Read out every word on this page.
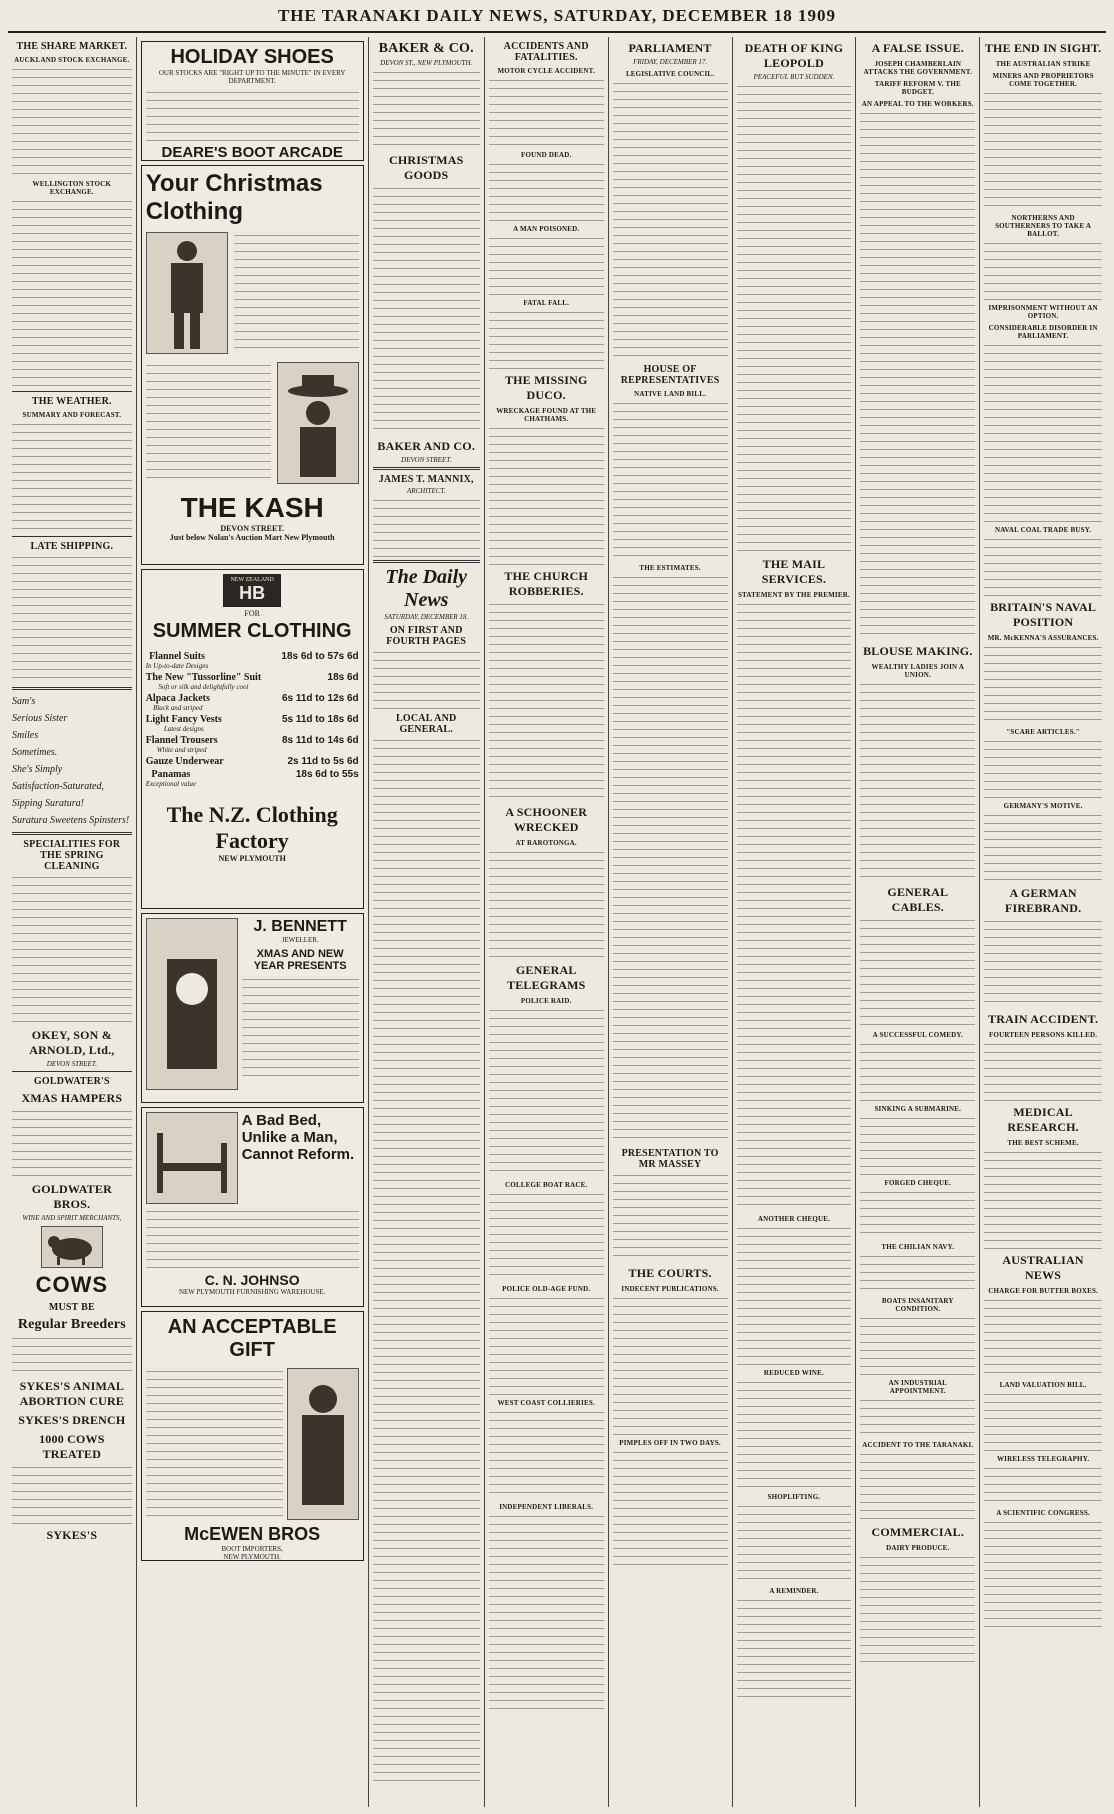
THE TARANAKI DAILY NEWS, SATURDAY, DECEMBER 18 1909
THE SHARE MARKET.
AUCKLAND STOCK EXCHANGE.
WELLINGTON STOCK EXCHANGE.
THE WEATHER.
SUMMARY AND FORECAST.
LATE SHIPPING.
Sam's
Serious Sister
Smiles
Sometimes.
She's Simply
Satisfaction-Saturated,
Sipping Suratura!
Suratura Sweetens Spinsters!
SPECIALITIES FOR THE SPRING CLEANING
OKEY, SON & ARNOLD, Ltd.,
DEVON STREET.
GOLDWATER'S
XMAS HAMPERS
GOLDWATER BROS.
WINE AND SPIRIT MERCHANTS,
COWS
MUST BE
Regular Breeders
SYKES'S ANIMAL ABORTION CURE
SYKES'S DRENCH
1000 COWS TREATED
SYKES'S
HOLIDAY SHOES
OUR STOCKS ARE "RIGHT UP TO THE MINUTE" IN EVERY DEPARTMENT.
DEARE'S BOOT ARCADE
Your Christmas
Clothing
THE KASH
DEVON STREET.
Just below Nolan's Auction Mart New Plymouth
NEW ZEALAND
HB
FOR
SUMMER CLOTHING
Flannel Suits
In Up-to-date Designs
18s 6d to 57s 6d
The New "Tussorline" Suit
Soft or silk and delightfully cool
18s 6d
Alpaca Jackets
Black and striped
6s 11d to 12s 6d
Light Fancy Vests
Latest designs
5s 11d to 18s 6d
Flannel Trousers
White and striped
8s 11d to 14s 6d
Gauze Underwear	2s 11d to 5s 6d
Panamas
Exceptional value
18s 6d to 55s
The N.Z. Clothing Factory
NEW PLYMOUTH
J. BENNETT
JEWELLER.
XMAS AND NEW YEAR PRESENTS
A Bad Bed, Unlike a Man, Cannot Reform.
C. N. JOHNSO
NEW PLYMOUTH FURNISHING WAREHOUSE.
AN ACCEPTABLE GIFT
McEWEN BROS
BOOT IMPORTERS,
NEW PLYMOUTH.
BAKER & CO.
DEVON ST., NEW PLYMOUTH.
CHRISTMAS GOODS
BAKER AND CO.
DEVON STREET.
JAMES T. MANNIX,
ARCHITECT.
The Daily News
SATURDAY, DECEMBER 18.
ON FIRST AND FOURTH PAGES
LOCAL AND GENERAL.
ACCIDENTS AND FATALITIES.
MOTOR CYCLE ACCIDENT.
FOUND DEAD.
A MAN POISONED.
FATAL FALL.
THE MISSING DUCO.
WRECKAGE FOUND AT THE CHATHAMS.
THE CHURCH ROBBERIES.
A SCHOONER WRECKED
AT RAROTONGA.
GENERAL TELEGRAMS
POLICE RAID.
COLLEGE BOAT RACE.
POLICE OLD-AGE FUND.
WEST COAST COLLIERIES.
INDEPENDENT LIBERALS.
PARLIAMENT
FRIDAY, DECEMBER 17.
LEGISLATIVE COUNCIL.
HOUSE OF REPRESENTATIVES
NATIVE LAND BILL.
THE ESTIMATES.
PRESENTATION TO MR MASSEY
THE COURTS.
INDECENT PUBLICATIONS.
PIMPLES OFF IN TWO DAYS.
DEATH OF KING LEOPOLD
PEACEFUL BUT SUDDEN.
THE MAIL SERVICES.
STATEMENT BY THE PREMIER.
ANOTHER CHEQUE.
REDUCED WINE.
SHOPLIFTING.
A REMINDER.
A FALSE ISSUE.
JOSEPH CHAMBERLAIN ATTACKS THE GOVERNMENT.
TARIFF REFORM V. THE BUDGET.
AN APPEAL TO THE WORKERS.
BLOUSE MAKING.
WEALTHY LADIES JOIN A UNION.
GENERAL CABLES.
A SUCCESSFUL COMEDY.
SINKING A SUBMARINE.
FORGED CHEQUE.
THE CHILIAN NAVY.
BOATS INSANITARY CONDITION.
AN INDUSTRIAL APPOINTMENT.
ACCIDENT TO THE TARANAKI.
COMMERCIAL.
DAIRY PRODUCE.
THE END IN SIGHT.
THE AUSTRALIAN STRIKE
MINERS AND PROPRIETORS COME TOGETHER.
NORTHERNS AND SOUTHERNERS TO TAKE A BALLOT.
IMPRISONMENT WITHOUT AN OPTION.
CONSIDERABLE DISORDER IN PARLIAMENT.
NAVAL COAL TRADE BUSY.
BRITAIN'S NAVAL POSITION
MR. McKENNA'S ASSURANCES.
"SCARE ARTICLES."
GERMANY'S MOTIVE.
A GERMAN FIREBRAND.
TRAIN ACCIDENT.
FOURTEEN PERSONS KILLED.
MEDICAL RESEARCH.
THE BEST SCHEME.
AUSTRALIAN NEWS
CHARGE FOR BUTTER BOXES.
LAND VALUATION BILL.
WIRELESS TELEGRAPHY.
A SCIENTIFIC CONGRESS.
